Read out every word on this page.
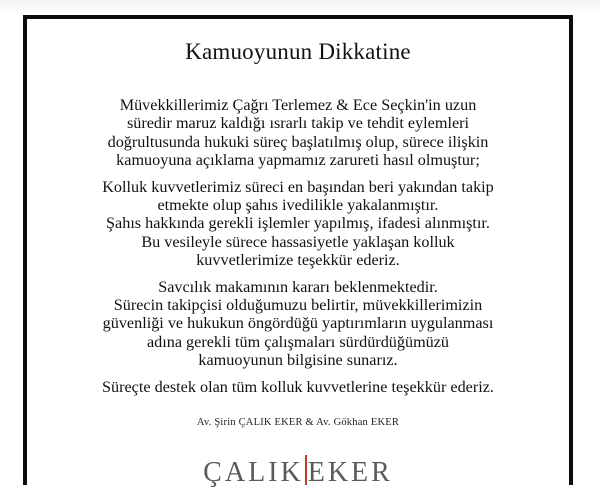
Kamuoyunun Dikkatine

Müvekkillerimiz Çağrı Terlemez & Ece Seçkin'in uzun
süredir maruz kaldığı ısrarlı takip ve tehdit eylemleri
doğrultusunda hukuki süreç başlatılmış olup, sürece ilişkin
kamuoyuna açıklama yapmamız zarureti hasıl olmuştur;

Kolluk kuvvetlerimiz süreci en başından beri yakından takip
etmekte olup şahıs ivedilikle yakalanmıştır.
Şahıs hakkında gerekli işlemler yapılmış, ifadesi alınmıştır.
Bu vesileyle sürece hassasiyetle yaklaşan kolluk
kuvvetlerimize teşekkür ederiz.

Savcılık makamının kararı beklenmektedir.
Sürecin takipçisi olduğumuzu belirtir, müvekkillerimizin
güvenliği ve hukukun öngördüğü yaptırımların uygulanması
adına gerekli tüm çalışmaları sürdürdüğümüzü
kamuoyunun bilgisine sunarız.

Süreçte destek olan tüm kolluk kuvvetlerine teşekkür ederiz.

Av. Şirin ÇALIK EKER & Av. Gökhan EKER
ÇALIK EKER
